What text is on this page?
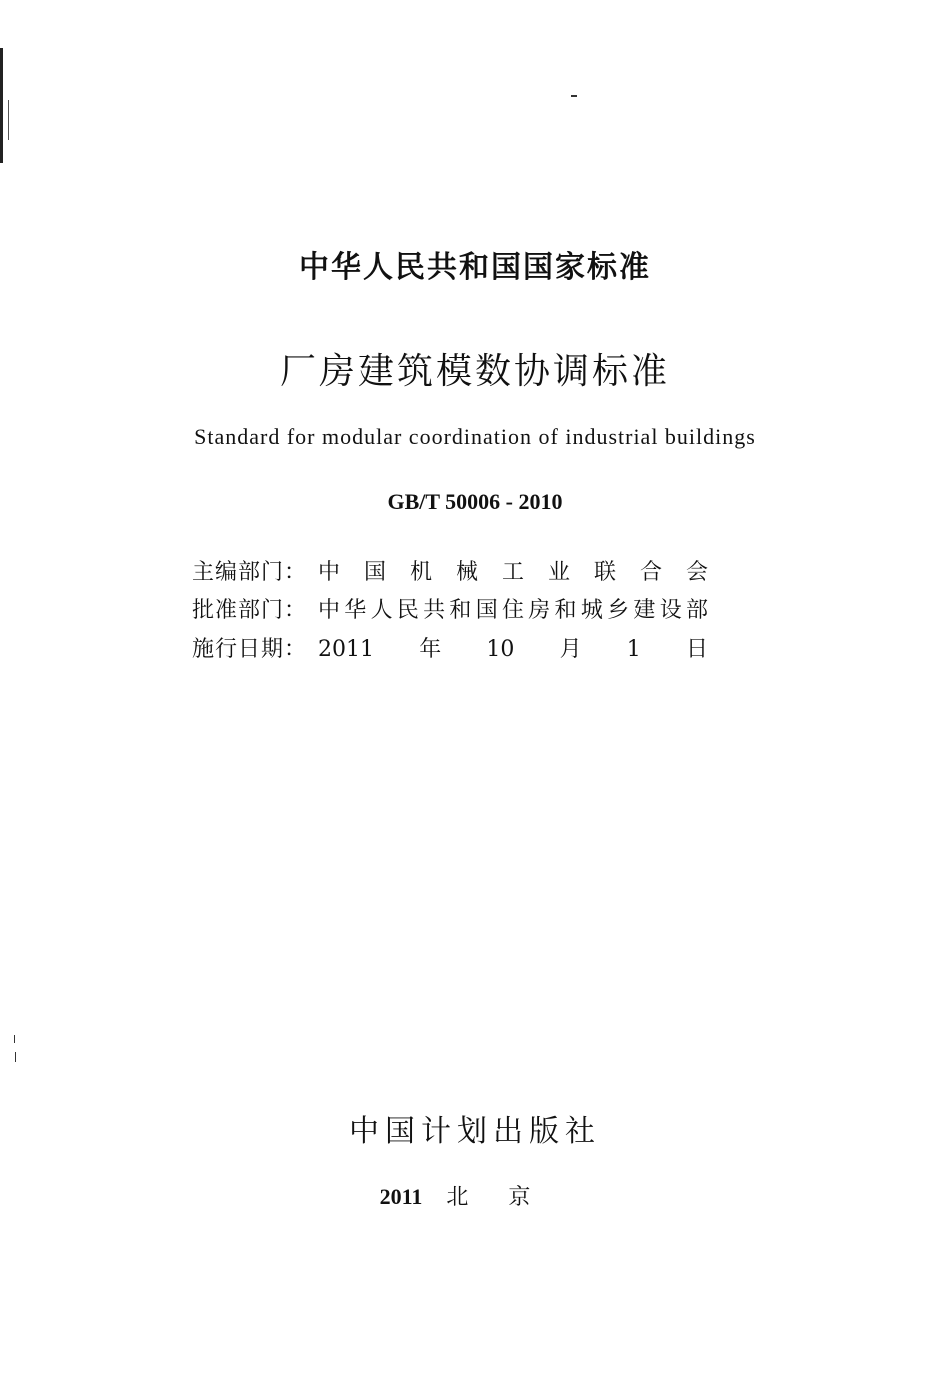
中华人民共和国国家标准
厂房建筑模数协调标准
Standard for modular coordination of industrial buildings
GB/T 50006 - 2010
主编部门： 中国机械工业联合会
批准部门： 中华人民共和国住房和城乡建设部
施行日期： 2011年10月1日
中国计划出版社
2011 北京
